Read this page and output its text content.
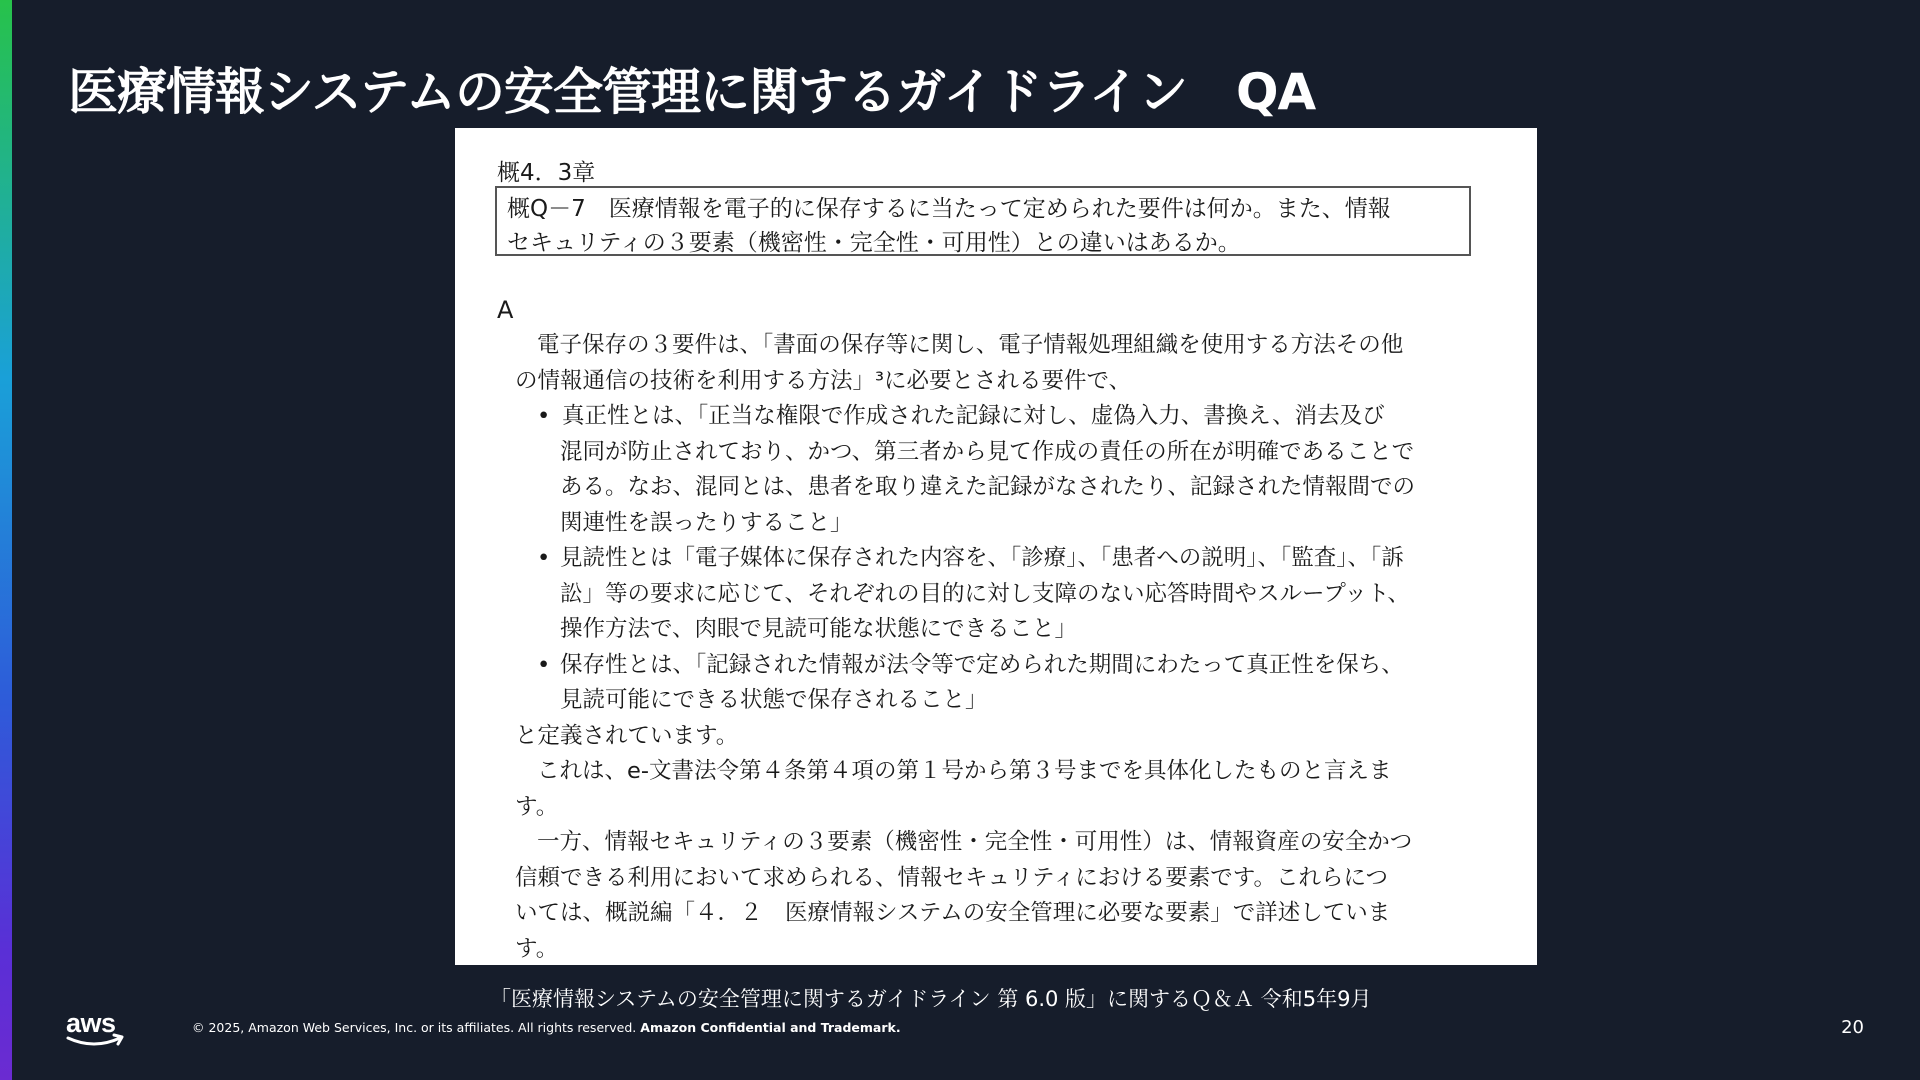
医療情報システムの安全管理に関するガイドライン　QA
概4．3章
概Q－7　医療情報を電子的に保存するに当たって定められた要件は何か。また、情報
セキュリティの３要素（機密性・完全性・可用性）との違いはあるか。
A
電子保存の３要件は、「書面の保存等に関し、電子情報処理組織を使用する方法その他
の情報通信の技術を利用する方法」³に必要とされる要件で、
• 真正性とは、「正当な権限で作成された記録に対し、虚偽入力、書換え、消去及び
混同が防止されており、かつ、第三者から見て作成の責任の所在が明確であることで
ある。なお、混同とは、患者を取り違えた記録がなされたり、記録された情報間での
関連性を誤ったりすること」
• 見読性とは「電子媒体に保存された内容を、「診療」、「患者への説明」、「監査」、「訴
訟」等の要求に応じて、それぞれの目的に対し支障のない応答時間やスループット、
操作方法で、肉眼で見読可能な状態にできること」
• 保存性とは、「記録された情報が法令等で定められた期間にわたって真正性を保ち、
見読可能にできる状態で保存されること」
と定義されています。
これは、e-文書法令第４条第４項の第１号から第３号までを具体化したものと言えま
す。
一方、情報セキュリティの３要素（機密性・完全性・可用性）は、情報資産の安全かつ
信頼できる利用において求められる、情報セキュリティにおける要素です。これらにつ
いては、概説編「４．２　医療情報システムの安全管理に必要な要素」で詳述していま
す。
「医療情報システムの安全管理に関するガイドライン 第 6.0 版」に関するＱ＆Ａ 令和5年9月
aws	© 2025, Amazon Web Services, Inc. or its affiliates. All rights reserved. Amazon Confidential and Trademark.	20
